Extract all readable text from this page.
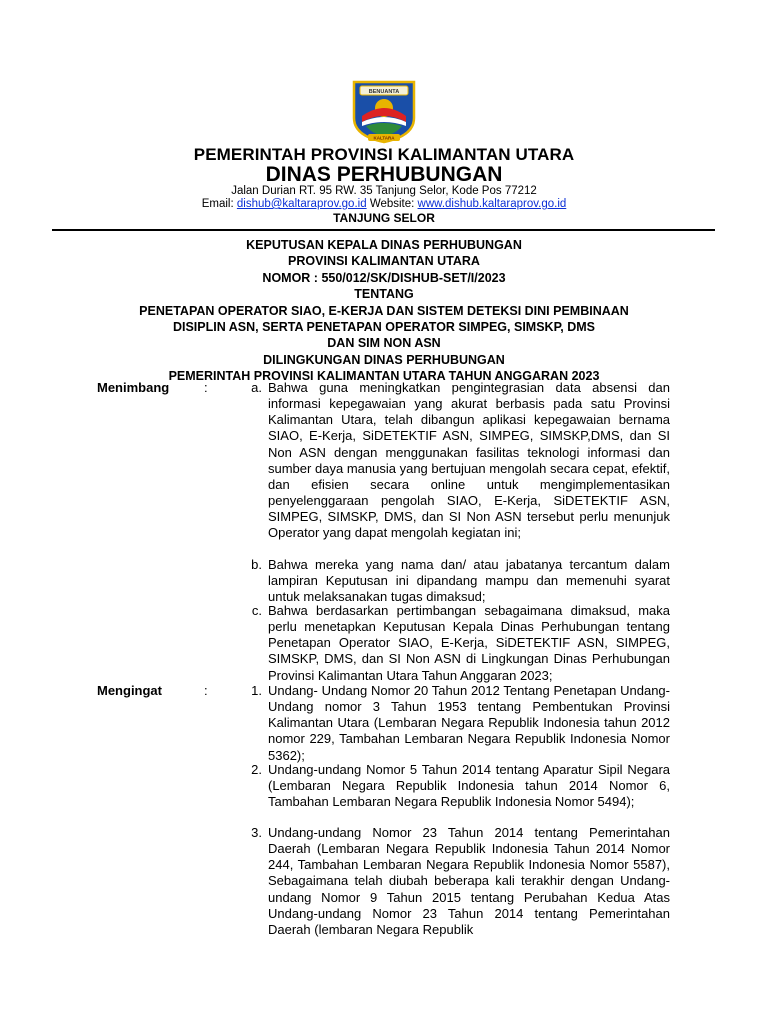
BENUANTA
KALTARA
PEMERINTAH PROVINSI KALIMANTAN UTARA
DINAS PERHUBUNGAN
Jalan Durian RT. 95 RW. 35 Tanjung Selor, Kode Pos 77212
Email: dishub@kaltaraprov.go.id Website: www.dishub.kaltaraprov.go.id
TANJUNG SELOR
KEPUTUSAN KEPALA DINAS PERHUBUNGAN
PROVINSI KALIMANTAN UTARA
NOMOR : 550/012/SK/DISHUB-SET/I/2023
TENTANG
PENETAPAN OPERATOR SIAO, E-KERJA DAN SISTEM DETEKSI DINI PEMBINAAN
DISIPLIN ASN, SERTA PENETAPAN OPERATOR SIMPEG, SIMSKP, DMS
DAN SIM NON ASN
DILINGKUNGAN DINAS PERHUBUNGAN
PEMERINTAH PROVINSI KALIMANTAN UTARA TAHUN ANGGARAN 2023
Menimbang	:	a. Bahwa guna meningkatkan pengintegrasian data absensi dan informasi kepegawaian yang akurat berbasis pada satu Provinsi Kalimantan Utara, telah dibangun aplikasi kepegawaian bernama SIAO, E-Kerja, SiDETEKTIF ASN, SIMPEG, SIMSKP,DMS, dan SI Non ASN dengan menggunakan fasilitas teknologi informasi dan sumber daya manusia yang bertujuan mengolah secara cepat, efektif, dan efisien secara online untuk mengimplementasikan penyelenggaraan pengolah SIAO, E-Kerja, SiDETEKTIF ASN, SIMPEG, SIMSKP, DMS, dan SI Non ASN tersebut perlu menunjuk Operator yang dapat mengolah kegiatan ini;
b. Bahwa mereka yang nama dan/ atau jabatanya tercantum dalam lampiran Keputusan ini dipandang mampu dan memenuhi syarat untuk melaksanakan tugas dimaksud;
c. Bahwa berdasarkan pertimbangan sebagaimana dimaksud, maka perlu menetapkan Keputusan Kepala Dinas Perhubungan tentang Penetapan Operator SIAO, E-Kerja, SiDETEKTIF ASN, SIMPEG, SIMSKP, DMS, dan SI Non ASN di Lingkungan Dinas Perhubungan Provinsi Kalimantan Utara Tahun Anggaran 2023;
Mengingat	:	1. Undang- Undang Nomor 20 Tahun 2012 Tentang Penetapan Undang-Undang nomor 3 Tahun 1953 tentang Pembentukan Provinsi Kalimantan Utara (Lembaran Negara Republik Indonesia tahun 2012 nomor 229, Tambahan Lembaran Negara Republik Indonesia Nomor 5362);
2. Undang-undang Nomor 5 Tahun 2014 tentang Aparatur Sipil Negara (Lembaran Negara Republik Indonesia tahun 2014 Nomor 6, Tambahan Lembaran Negara Republik Indonesia Nomor 5494);
3. Undang-undang Nomor 23 Tahun 2014 tentang Pemerintahan Daerah (Lembaran Negara Republik Indonesia Tahun 2014 Nomor 244, Tambahan Lembaran Negara Republik Indonesia Nomor 5587), Sebagaimana telah diubah beberapa kali terakhir dengan Undang-undang Nomor 9 Tahun 2015 tentang Perubahan Kedua Atas Undang-undang Nomor 23 Tahun 2014 tentang Pemerintahan Daerah (lembaran Negara Republik
